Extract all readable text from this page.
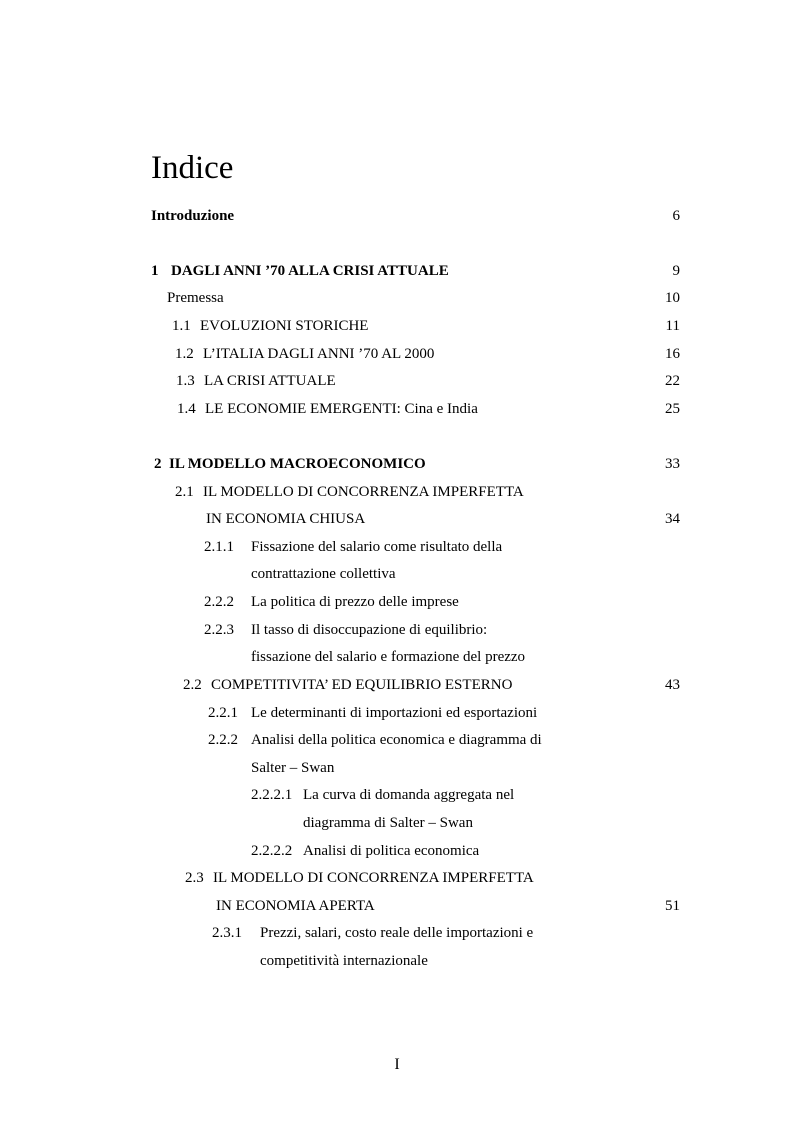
Indice
Introduzione	6
1 DAGLI ANNI ’70 ALLA CRISI ATTUALE	9
Premessa	10
1.1 EVOLUZIONI STORICHE	11
1.2 L’ITALIA DAGLI ANNI ’70 AL 2000	16
1.3 LA CRISI ATTUALE	22
1.4 LE ECONOMIE EMERGENTI: Cina e India	25
2 IL MODELLO MACROECONOMICO	33
2.1 IL MODELLO DI CONCORRENZA IMPERFETTA
IN ECONOMIA CHIUSA	34
2.1.1 Fissazione del salario come risultato della
contrattazione collettiva
2.2.2 La politica di prezzo delle imprese
2.2.3 Il tasso di disoccupazione di equilibrio:
fissazione del salario e formazione del prezzo
2.2 COMPETITIVITA’ ED EQUILIBRIO ESTERNO	43
2.2.1 Le determinanti di importazioni ed esportazioni
2.2.2 Analisi della politica economica e diagramma di
Salter – Swan
2.2.2.1 La curva di domanda aggregata nel
diagramma di Salter – Swan
2.2.2.2 Analisi di politica economica
2.3 IL MODELLO DI CONCORRENZA IMPERFETTA
IN ECONOMIA APERTA	51
2.3.1 Prezzi, salari, costo reale delle importazioni e
competitività internazionale
I
